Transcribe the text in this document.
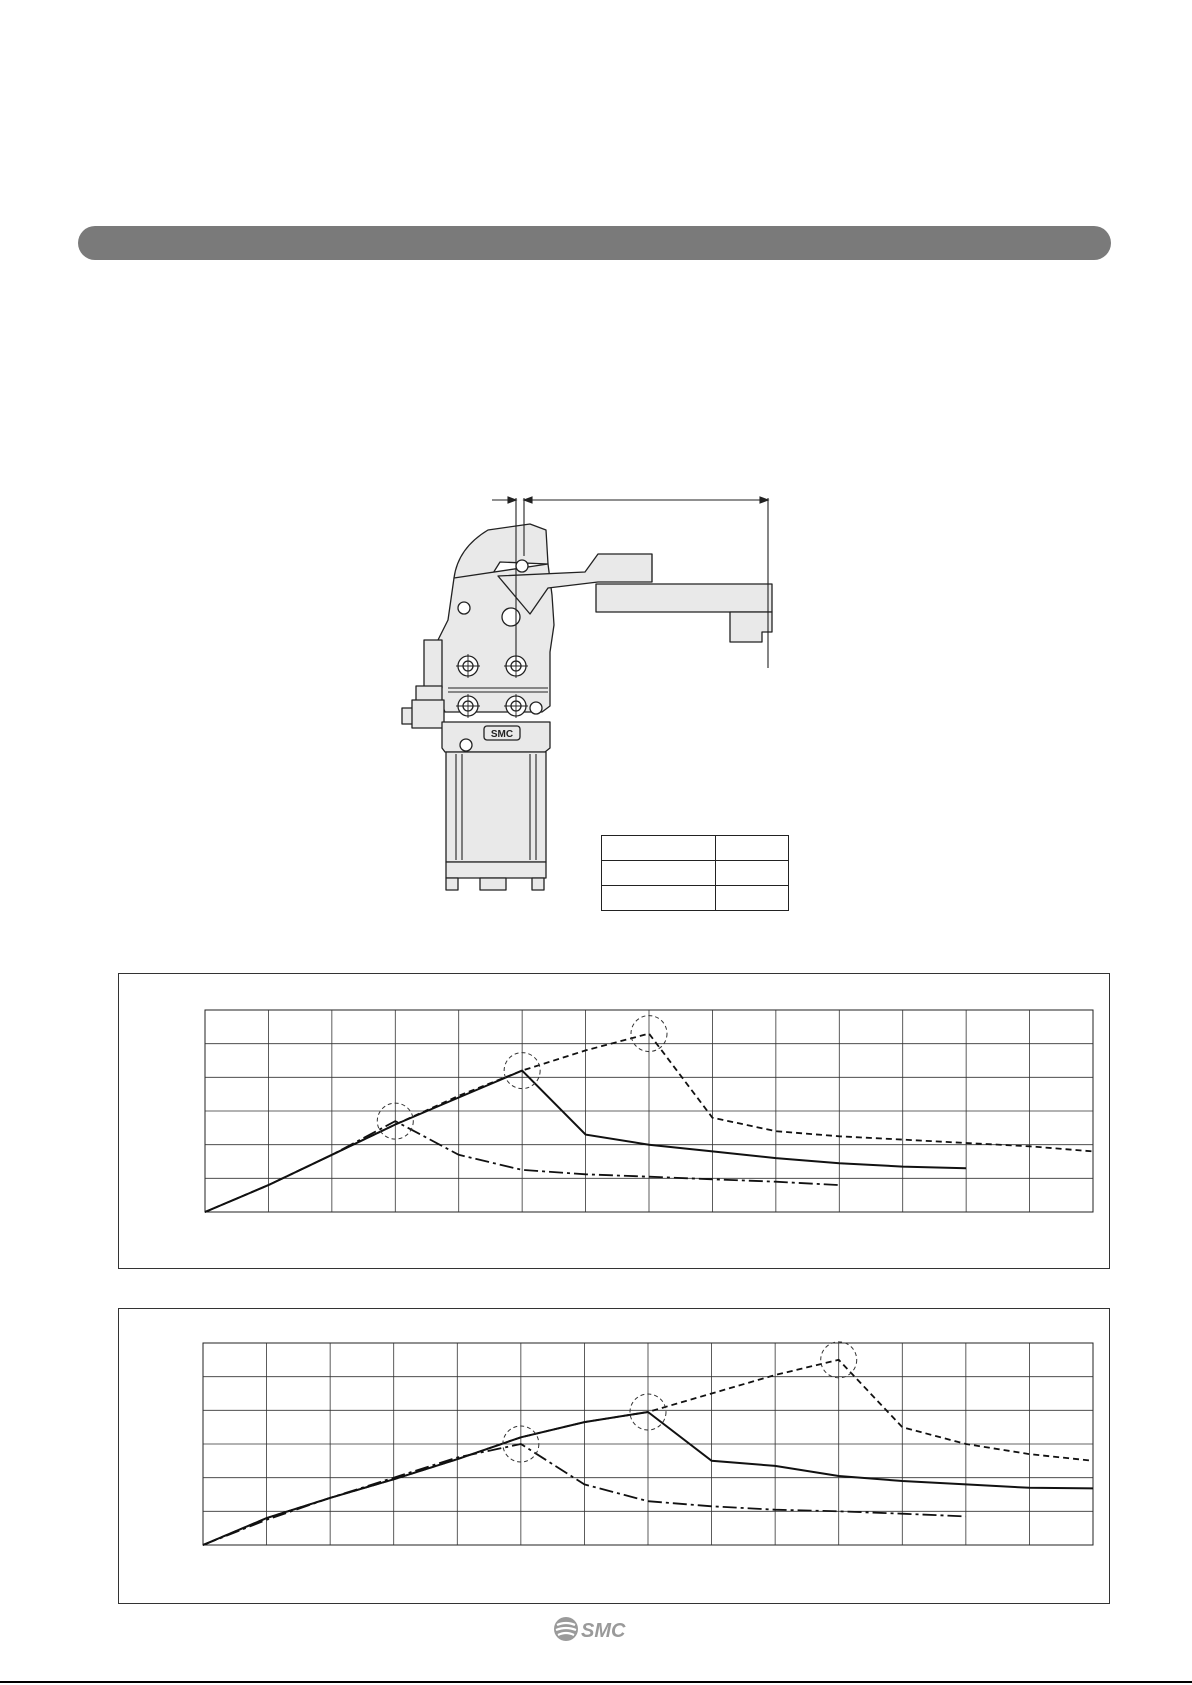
SMC

SMC
